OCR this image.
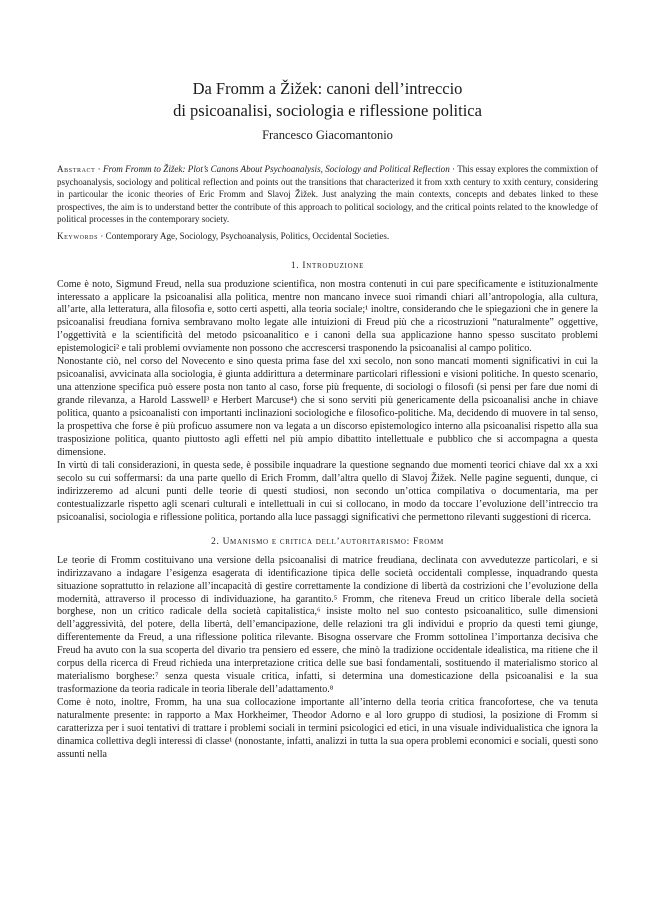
Da Fromm a Žižek: canoni dell’intreccio
di psicoanalisi, sociologia e riflessione politica
Francesco Giacomantonio

Abstract · From Fromm to Žižek: Plot’s Canons About Psychoanalysis, Sociology and Political Reflection · This essay explores the commixtion of psychoanalysis, sociology and political reflection and points out the transitions that characterized it from xxth century to xxith century, considering in particoular the iconic theories of Eric Fromm and Slavoj Žižek. Just analyzing the main contexts, concepts and debates linked to these prospectives, the aim is to understand better the contribute of this approach to political sociology, and the critical points related to the knowledge of political processes in the contemporary society.

Keywords · Contemporary Age, Sociology, Psychoanalysis, Politics, Occidental Societies.

1. Introduzione

Come è noto, Sigmund Freud, nella sua produzione scientifica, non mostra contenuti in cui pare specificamente e istituzionalmente interessato a applicare la psicoanalisi alla politica, mentre non mancano invece suoi rimandi chiari all’antropologia, alla cultura, all’arte, alla letteratura, alla filosofia e, sotto certi aspetti, alla teoria sociale;¹ inoltre, considerando che le spiegazioni che in genere la psicoanalisi freudiana forniva sembravano molto legate alle intuizioni di Freud più che a ricostruzioni “naturalmente” oggettive, l’oggettività e la scientificità del metodo psicoanalitico e i canoni della sua applicazione hanno spesso suscitato problemi epistemologici² e tali problemi ovviamente non possono che accrescersi trasponendo la psicoanalisi al campo politico.

Nonostante ciò, nel corso del Novecento e sino questa prima fase del xxi secolo, non sono mancati momenti significativi in cui la psicoanalisi, avvicinata alla sociologia, è giunta addirittura a determinare particolari riflessioni e visioni politiche. In questo scenario, una attenzione specifica può essere posta non tanto al caso, forse più frequente, di sociologi o filosofi (si pensi per fare due nomi di grande rilevanza, a Harold Lasswell³ e Herbert Marcuse⁴) che si sono serviti più genericamente della psicoanalisi anche in chiave politica, quanto a psicoanalisti con importanti inclinazioni sociologiche e filosofico-politiche. Ma, decidendo di muovere in tal senso, la prospettiva che forse è più proficuo assumere non va legata a un discorso epistemologico interno alla psicoanalisi rispetto alla sua trasposizione politica, quanto piuttosto agli effetti nel più ampio dibattito intellettuale e pubblico che si accompagna a questa dimensione.

In virtù di tali considerazioni, in questa sede, è possibile inquadrare la questione segnando due momenti teorici chiave dal xx a xxi secolo su cui soffermarsi: da una parte quello di Erich Fromm, dall’altra quello di Slavoj Žižek. Nelle pagine seguenti, dunque, ci indirizzeremo ad alcuni punti delle teorie di questi studiosi, non secondo un’ottica compilativa o documentaria, ma per contestualizzarle rispetto agli scenari culturali e intellettuali in cui si collocano, in modo da toccare l’evoluzione dell’intreccio tra psicoanalisi, sociologia e riflessione politica, portando alla luce passaggi significativi che permettono rilevanti suggestioni di ricerca.

2. Umanismo e critica dell’autoritarismo: Fromm

Le teorie di Fromm costituivano una versione della psicoanalisi di matrice freudiana, declinata con avvedutezze particolari, e si indirizzavano a indagare l’esigenza esagerata di identificazione tipica delle società occidentali complesse, inquadrando questa situazione soprattutto in relazione all’incapacità di gestire correttamente la condizione di libertà da costrizioni che l’evoluzione della modernità, attraverso il processo di individuazione, ha garantito.⁵ Fromm, che riteneva Freud un critico liberale della società borghese, non un critico radicale della società capitalistica,⁶ insiste molto nel suo contesto psicoanalitico, sulle dimensioni dell’aggressività, del potere, della libertà, dell’emancipazione, delle relazioni tra gli individui e proprio da questi temi giunge, differentemente da Freud, a una riflessione politica rilevante. Bisogna osservare che Fromm sottolinea l’importanza decisiva che Freud ha avuto con la sua scoperta del divario tra pensiero ed essere, che minò la tradizione occidentale idealistica, ma ritiene che il corpus della ricerca di Freud richieda una interpretazione critica delle sue basi fondamentali, sostituendo il materialismo storico al materialismo borghese:⁷ senza questa visuale critica, infatti, si determina una domesticazione della psicoanalisi e la sua trasformazione da teoria radicale in teoria liberale dell’adattamento.⁸

Come è noto, inoltre, Fromm, ha una sua collocazione importante all’interno della teoria critica francofortese, che va tenuta naturalmente presente: in rapporto a Max Horkheimer, Theodor Adorno e al loro gruppo di studiosi, la posizione di Fromm si caratterizza per i suoi tentativi di trattare i problemi sociali in termini psicologici ed etici, in una visuale individualistica che ignora la dinamica collettiva degli interessi di classe¹ (nonostante, infatti, analizzi in tutta la sua opera problemi economici e sociali, questi sono assunti nella
